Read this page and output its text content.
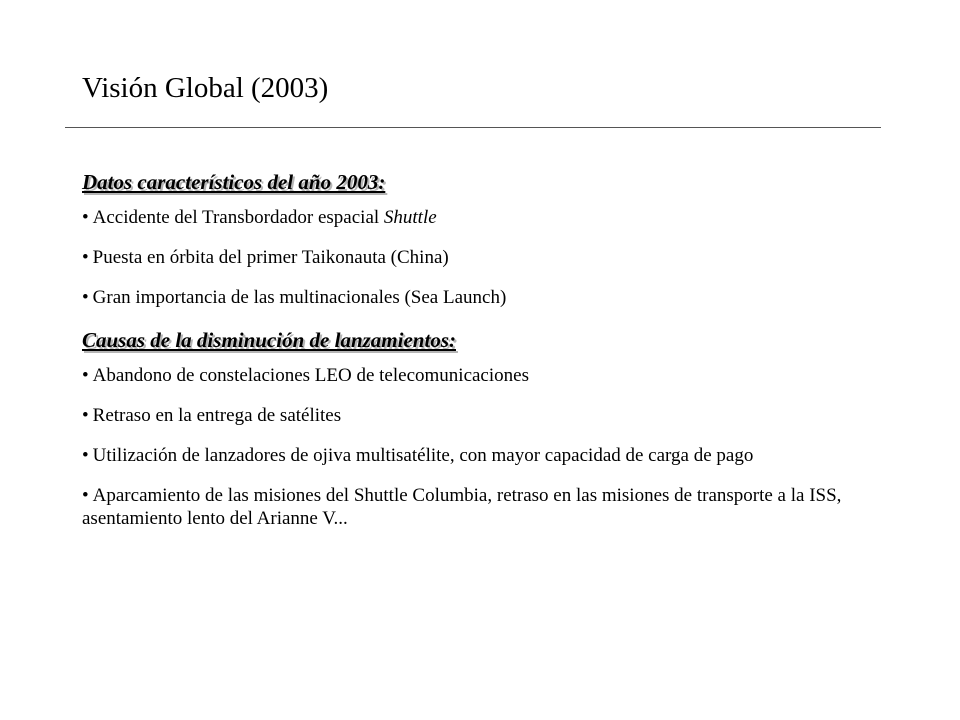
Visión Global (2003)
Datos característicos del año 2003:
• Accidente del Transbordador espacial Shuttle
• Puesta en órbita del primer Taikonauta (China)
• Gran importancia de las multinacionales (Sea Launch)
Causas de la disminución de lanzamientos:
• Abandono de constelaciones LEO de telecomunicaciones
• Retraso en la entrega de satélites
• Utilización de lanzadores de ojiva multisatélite, con mayor capacidad de carga de pago
• Aparcamiento de las misiones del Shuttle Columbia, retraso en las misiones de transporte a la ISS, asentamiento lento del Arianne V...
